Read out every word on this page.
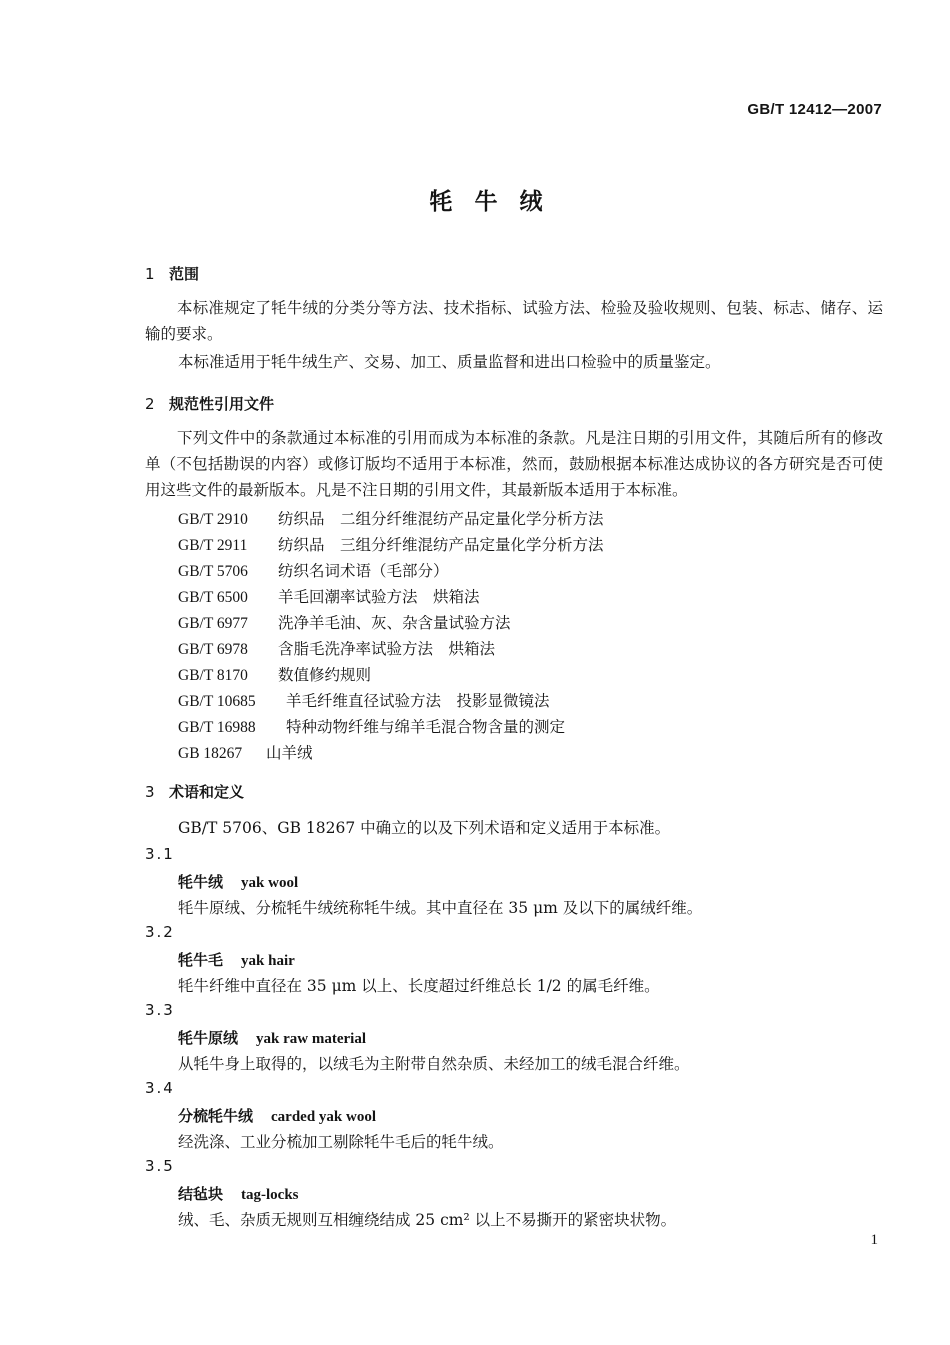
GB/T 12412—2007
牦牛绒
1 范围

本标准规定了牦牛绒的分类分等方法、技术指标、试验方法、检验及验收规则、包装、标志、储存、运输的要求。

本标准适用于牦牛绒生产、交易、加工、质量监督和进出口检验中的质量鉴定。
2 规范性引用文件

下列文件中的条款通过本标准的引用而成为本标准的条款。凡是注日期的引用文件，其随后所有的修改单（不包括勘误的内容）或修订版均不适用于本标准，然而，鼓励根据本标准达成协议的各方研究是否可使用这些文件的最新版本。凡是不注日期的引用文件，其最新版本适用于本标准。

GB/T 2910 纺织品　二组分纤维混纺产品定量化学分析方法
GB/T 2911 纺织品　三组分纤维混纺产品定量化学分析方法
GB/T 5706 纺织名词术语（毛部分）
GB/T 6500 羊毛回潮率试验方法　烘箱法
GB/T 6977 洗净羊毛油、灰、杂含量试验方法
GB/T 6978 含脂毛洗净率试验方法　烘箱法
GB/T 8170 数值修约规则
GB/T 10685 羊毛纤维直径试验方法　投影显微镜法
GB/T 16988 特种动物纤维与绵羊毛混合物含量的测定
GB 18267 山羊绒
3 术语和定义
GB/T 5706、GB 18267 中确立的以及下列术语和定义适用于本标准。
3.1
牦牛绒 yak wool
牦牛原绒、分梳牦牛绒统称牦牛绒。其中直径在 35 μm 及以下的属绒纤维。
3.2
牦牛毛 yak hair
牦牛纤维中直径在 35 μm 以上、长度超过纤维总长 1/2 的属毛纤维。
3.3
牦牛原绒 yak raw material
从牦牛身上取得的，以绒毛为主附带自然杂质、未经加工的绒毛混合纤维。
3.4
分梳牦牛绒 carded yak wool
经洗涤、工业分梳加工剔除牦牛毛后的牦牛绒。
3.5
结毡块 tag-locks
绒、毛、杂质无规则互相缠绕结成 25 cm² 以上不易撕开的紧密块状物。
1
